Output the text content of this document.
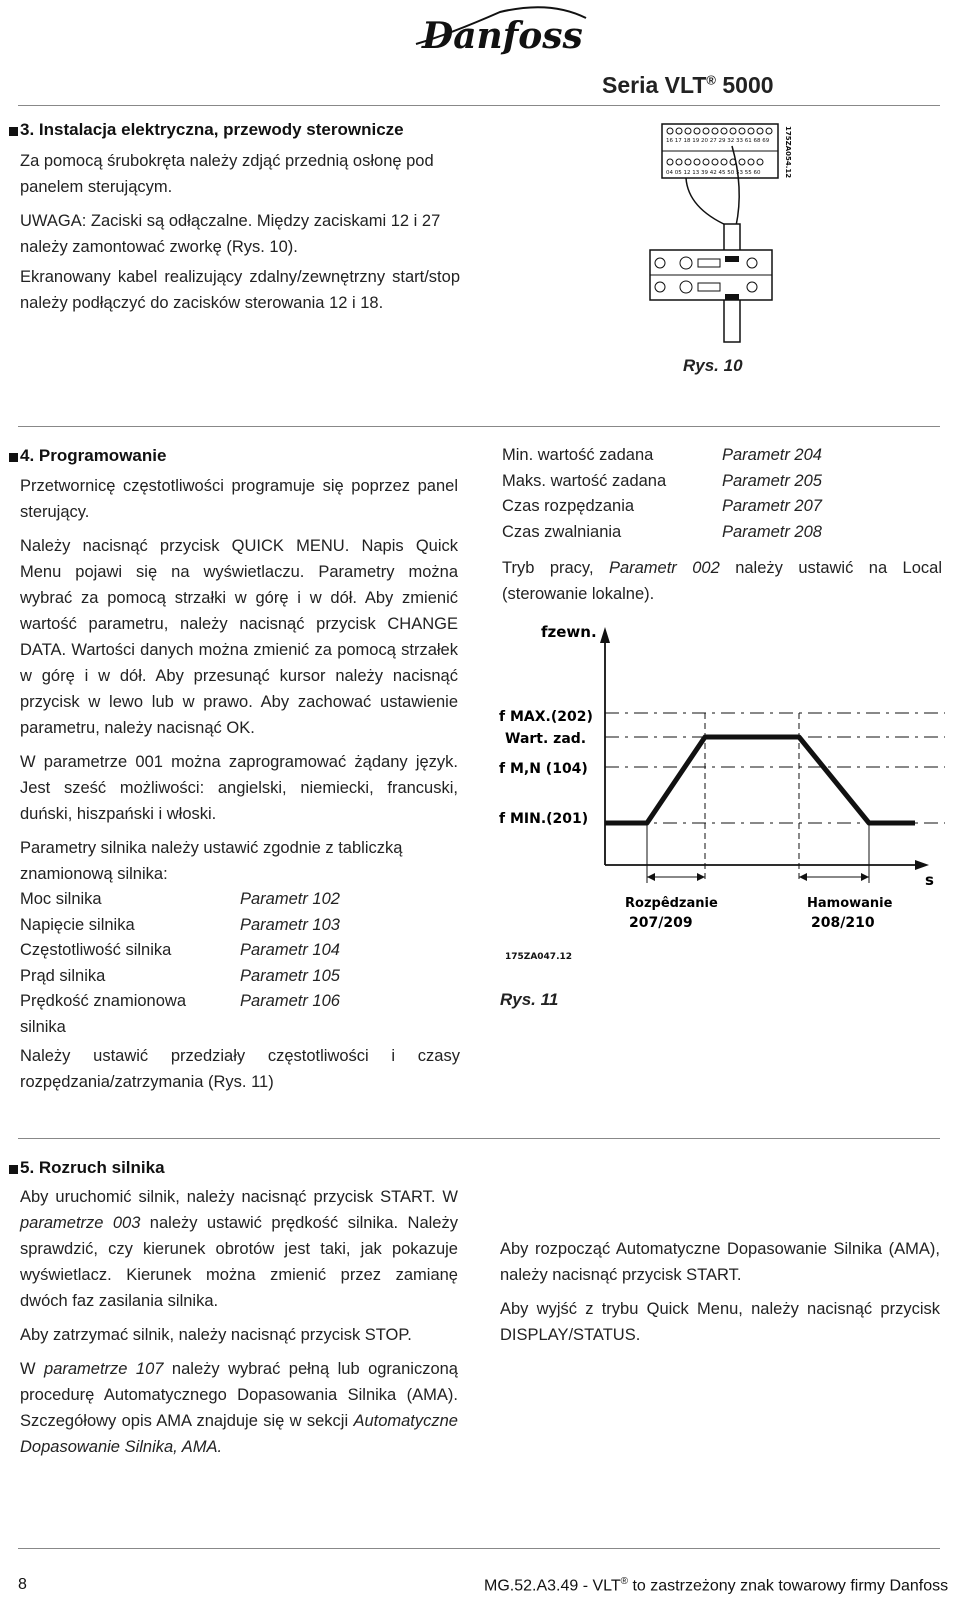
Danfoss
Seria VLT® 5000
3. Instalacja elektryczna, przewody sterownicze

Za pomocą śrubokręta należy zdjąć przednią osłonę pod panelem sterującym.

UWAGA: Zaciski są odłączalne. Między zaciskami 12 i 27 należy zamontować zworkę (Rys. 10).

Ekranowany kabel realizujący zdalny/zewnętrzny start/stop należy podłączyć do zacisków sterowania 12 i 18.

16 17 18 19 20 27 29 32 33 61 68 69
04 05 12 13 39 42 45 50 53 55 60	175ZA054.12
Rys. 10
4. Programowanie

Przetwornicę częstotliwości programuje się poprzez panel sterujący.

Należy nacisnąć przycisk QUICK MENU. Napis Quick Menu pojawi się na wyświetlaczu. Parametry można wybrać za pomocą strzałki w górę i w dół. Aby zmienić wartość parametru, należy nacisnąć przycisk CHANGE DATA. Wartości danych można zmienić za pomocą strzałek w górę i w dół. Aby przesunąć kursor należy nacisnąć przycisk w lewo lub w prawo. Aby zachować ustawienie parametru, należy nacisnąć OK.

W parametrze 001 można zaprogramować żądany język. Jest sześć możliwości: angielski, niemiecki, francuski, duński, hiszpański i włoski.

Parametry silnika należy ustawić zgodnie z tabliczką znamionową silnika:

Moc silnika	Parametr 102
Napięcie silnika	Parametr 103
Częstotliwość silnika	Parametr 104
Prąd silnika	Parametr 105
Prędkość znamionowa silnika	Parametr 106

Należy ustawić przedziały częstotliwości i czasy rozpędzania/zatrzymania (Rys. 11)

Min. wartość zadana	Parametr 204
Maks. wartość zadana	Parametr 205
Czas rozpędzania	Parametr 207
Czas zwalniania	Parametr 208

Tryb pracy, Parametr 002 należy ustawić na Local (sterowanie lokalne).

fzewn.
s
f MAX.(202)
Wart. zad.
f M,N (104)
f MIN.(201)
Rozpêdzanie
207/209
Hamowanie
208/210
175ZA047.12
Rys. 11
5. Rozruch silnika

Aby uruchomić silnik, należy nacisnąć przycisk START. W parametrze 003 należy ustawić prędkość silnika. Należy sprawdzić, czy kierunek obrotów jest taki, jak pokazuje wyświetlacz. Kierunek można zmienić przez zamianę dwóch faz zasilania silnika.

Aby zatrzymać silnik, należy nacisnąć przycisk STOP.

W parametrze 107 należy wybrać pełną lub ograniczoną procedurę Automatycznego Dopasowania Silnika (AMA). Szczegółowy opis AMA znajduje się w sekcji Automatyczne Dopasowanie Silnika, AMA.

Aby rozpocząć Automatyczne Dopasowanie Silnika (AMA), należy nacisnąć przycisk START.

Aby wyjść z trybu Quick Menu, należy nacisnąć przycisk DISPLAY/STATUS.

8	MG.52.A3.49 - VLT® to zastrzeżony znak towarowy firmy Danfoss
